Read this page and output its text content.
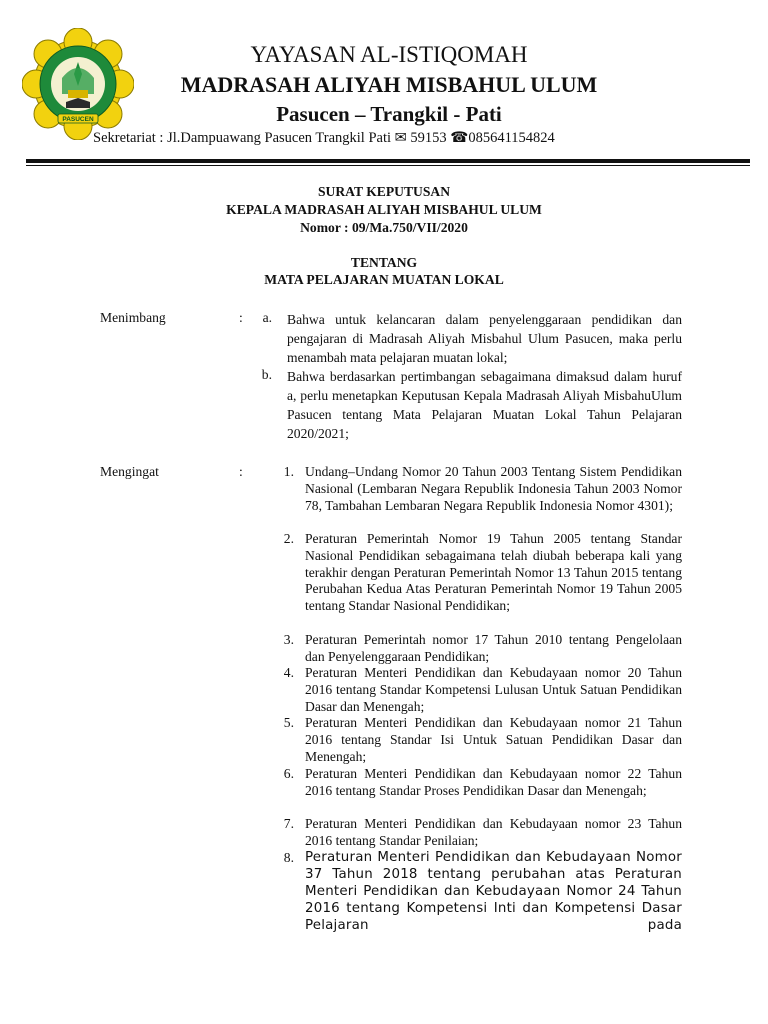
PASUCEN
YAYASAN AL-ISTIQOMAH
MADRASAH ALIYAH MISBAHUL ULUM
Pasucen – Trangkil - Pati
Sekretariat : Jl.Dampuawang Pasucen Trangkil Pati ✉ 59153 ☎085641154824
SURAT KEPUTUSAN
KEPALA MADRASAH ALIYAH MISBAHUL ULUM
Nomor : 09/Ma.750/VII/2020
TENTANG
MATA PELAJARAN MUATAN LOKAL
Menimbang	:	a. Bahwa untuk kelancaran dalam penyelenggaraan pendidikan dan pengajaran di Madrasah Aliyah Misbahul Ulum Pasucen, maka perlu menambah mata pelajaran muatan lokal;

b. Bahwa berdasarkan pertimbangan sebagaimana dimaksud dalam huruf a, perlu menetapkan Keputusan Kepala Madrasah Aliyah MisbahuUlum Pasucen tentang Mata Pelajaran Muatan Lokal Tahun Pelajaran 2020/2021;

Mengingat	:	1. Undang–Undang Nomor 20 Tahun 2003 Tentang Sistem Pendidikan Nasional (Lembaran Negara Republik Indonesia Tahun 2003 Nomor 78, Tambahan Lembaran Negara Republik Indonesia Nomor 4301);

2. Peraturan Pemerintah Nomor 19 Tahun 2005 tentang Standar Nasional Pendidikan sebagaimana telah diubah beberapa kali yang terakhir dengan Peraturan Pemerintah Nomor 13 Tahun 2015 tentang Perubahan Kedua Atas Peraturan Pemerintah Nomor 19 Tahun 2005 tentang Standar Nasional Pendidikan;

3. Peraturan Pemerintah nomor 17 Tahun 2010 tentang Pengelolaan dan Penyelenggaraan Pendidikan;

4. Peraturan Menteri Pendidikan dan Kebudayaan nomor 20 Tahun 2016 tentang Standar Kompetensi Lulusan Untuk Satuan Pendidikan Dasar dan Menengah;

5. Peraturan Menteri Pendidikan dan Kebudayaan nomor 21 Tahun 2016 tentang Standar Isi Untuk Satuan Pendidikan Dasar dan Menengah;

6. Peraturan Menteri Pendidikan dan Kebudayaan nomor 22 Tahun 2016 tentang Standar Proses Pendidikan Dasar dan Menengah;

7. Peraturan Menteri Pendidikan dan Kebudayaan nomor 23 Tahun 2016 tentang Standar Penilaian;

8. Peraturan Menteri Pendidikan dan Kebudayaan Nomor 37 Tahun 2018 tentang perubahan atas Peraturan Menteri Pendidikan dan Kebudayaan Nomor 24 Tahun 2016 tentang Kompetensi Inti dan Kompetensi Dasar Pelajaran pada
